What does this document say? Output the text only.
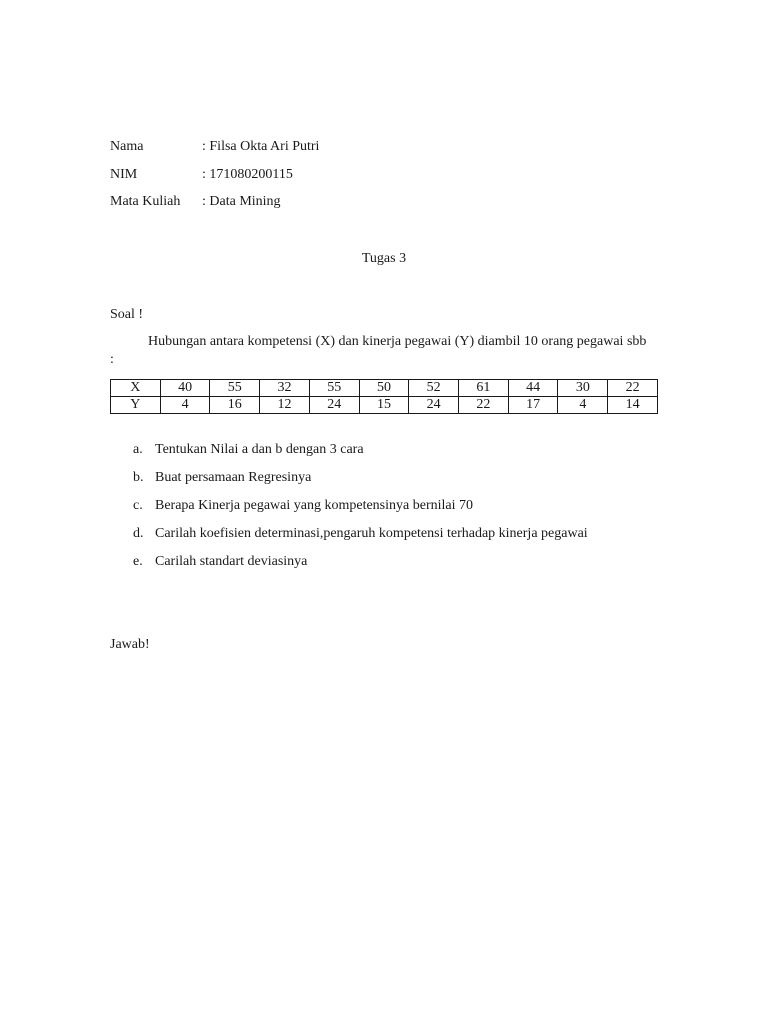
Nama	: Filsa Okta Ari Putri
NIM	: 171080200115
Mata Kuliah : Data Mining
Tugas 3
Soal !
Hubungan antara kompetensi (X) dan kinerja pegawai (Y) diambil 10 orang pegawai sbb :
X	40	55	32	55	50	52	61	44	30	22
Y	4	16	12	24	15	24	22	17	4	14
a. Tentukan Nilai a dan b dengan 3 cara
b. Buat persamaan Regresinya
c. Berapa Kinerja pegawai yang kompetensinya bernilai 70
d. Carilah koefisien determinasi,pengaruh kompetensi terhadap kinerja pegawai
e. Carilah standart deviasinya
Jawab!
